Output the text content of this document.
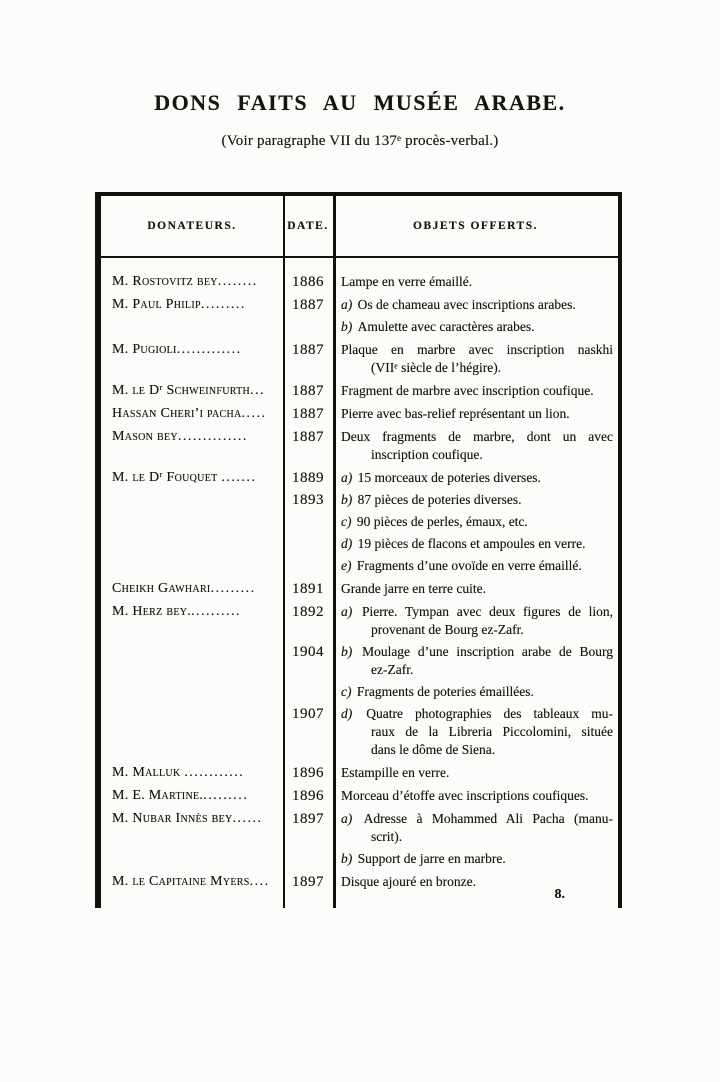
DONS FAITS AU MUSÉE ARABE.
(Voir paragraphe VII du 137ᵉ procès-verbal.)
DONATEURS.	DATE.	OBJETS OFFERTS.
M. Rostovitz bey........	1886	Lampe en verre émaillé.
M. Paul Philip.........	1887	a) Os de chameau avec inscriptions arabes.
b) Amulette avec caractères arabes.
M. Pugioli.............	1887	Plaque en marbre avec inscription naskhi
(VIIᵉ siècle de l’hégire).
M. le Dʳ Schweinfurth...	1887	Fragment de marbre avec inscription coufique.
Hassan Cheri’i pacha.....	1887	Pierre avec bas-relief représentant un lion.
Mason bey..............	1887	Deux fragments de marbre, dont un avec
inscription coufique.
M. le Dʳ Fouquet .......	1889	a) 15 morceaux de poteries diverses.
1893	b) 87 pièces de poteries diverses.
c) 90 pièces de perles, émaux, etc.
d) 19 pièces de flacons et ampoules en verre.
e) Fragments d’une ovoïde en verre émaillé.
Cheikh Gawhari.........	1891	Grande jarre en terre cuite.
M. Herz bey...........	1892	a) Pierre. Tympan avec deux figures de lion,
provenant de Bourg ez-Zafr.
1904	b) Moulage d’une inscription arabe de Bourg
ez-Zafr.
c) Fragments de poteries émaillées.
1907	d) Quatre photographies des tableaux mu-
raux de la Libreria Piccolomini, située
dans le dôme de Siena.
M. Malluk ............	1896	Estampille en verre.
M. E. Martine..........	1896	Morceau d’étoffe avec inscriptions coufiques.
M. Nubar Innès bey......	1897	a) Adresse à Mohammed Ali Pacha (manu-
scrit).
b) Support de jarre en marbre.
M. le Capitaine Myers....	1897	Disque ajouré en bronze.
8.
